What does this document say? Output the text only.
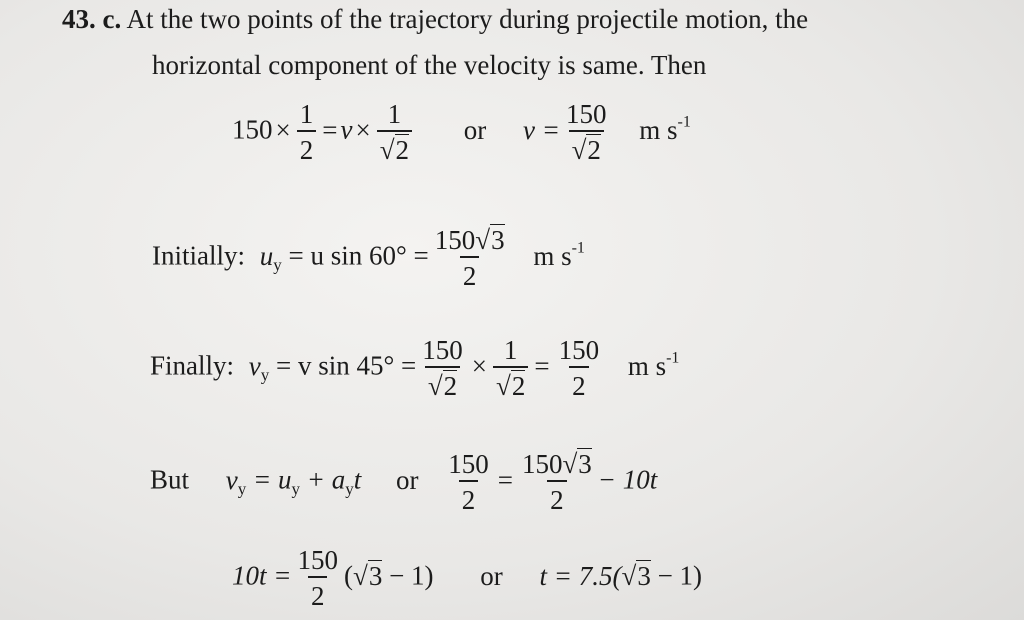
43. c. At the two points of the trajectory during projectile motion, the
horizontal component of the velocity is same. Then
$150 \times \frac{1}{2} = v \times \frac{1}{√2}$ or $v = \frac{150}{√2}$ m $s^{-1}$
Initially: $u_y = u$ $\sin 60^\circ = \frac{150√3}{2}$ m $s^{-1}$
Finally: $v_y = v$ $\sin 45^\circ = \frac{150}{√2} \times \frac{1}{√2} = \frac{150}{2}$ m $s^{-1}$
But $v_y = u_y + a_yt$ or $\frac{150}{2} = \frac{150√3}{2} - 10t$
$10t = \frac{150}{2} (√3 - 1)$ or t = 7.5(√3 − 1)
